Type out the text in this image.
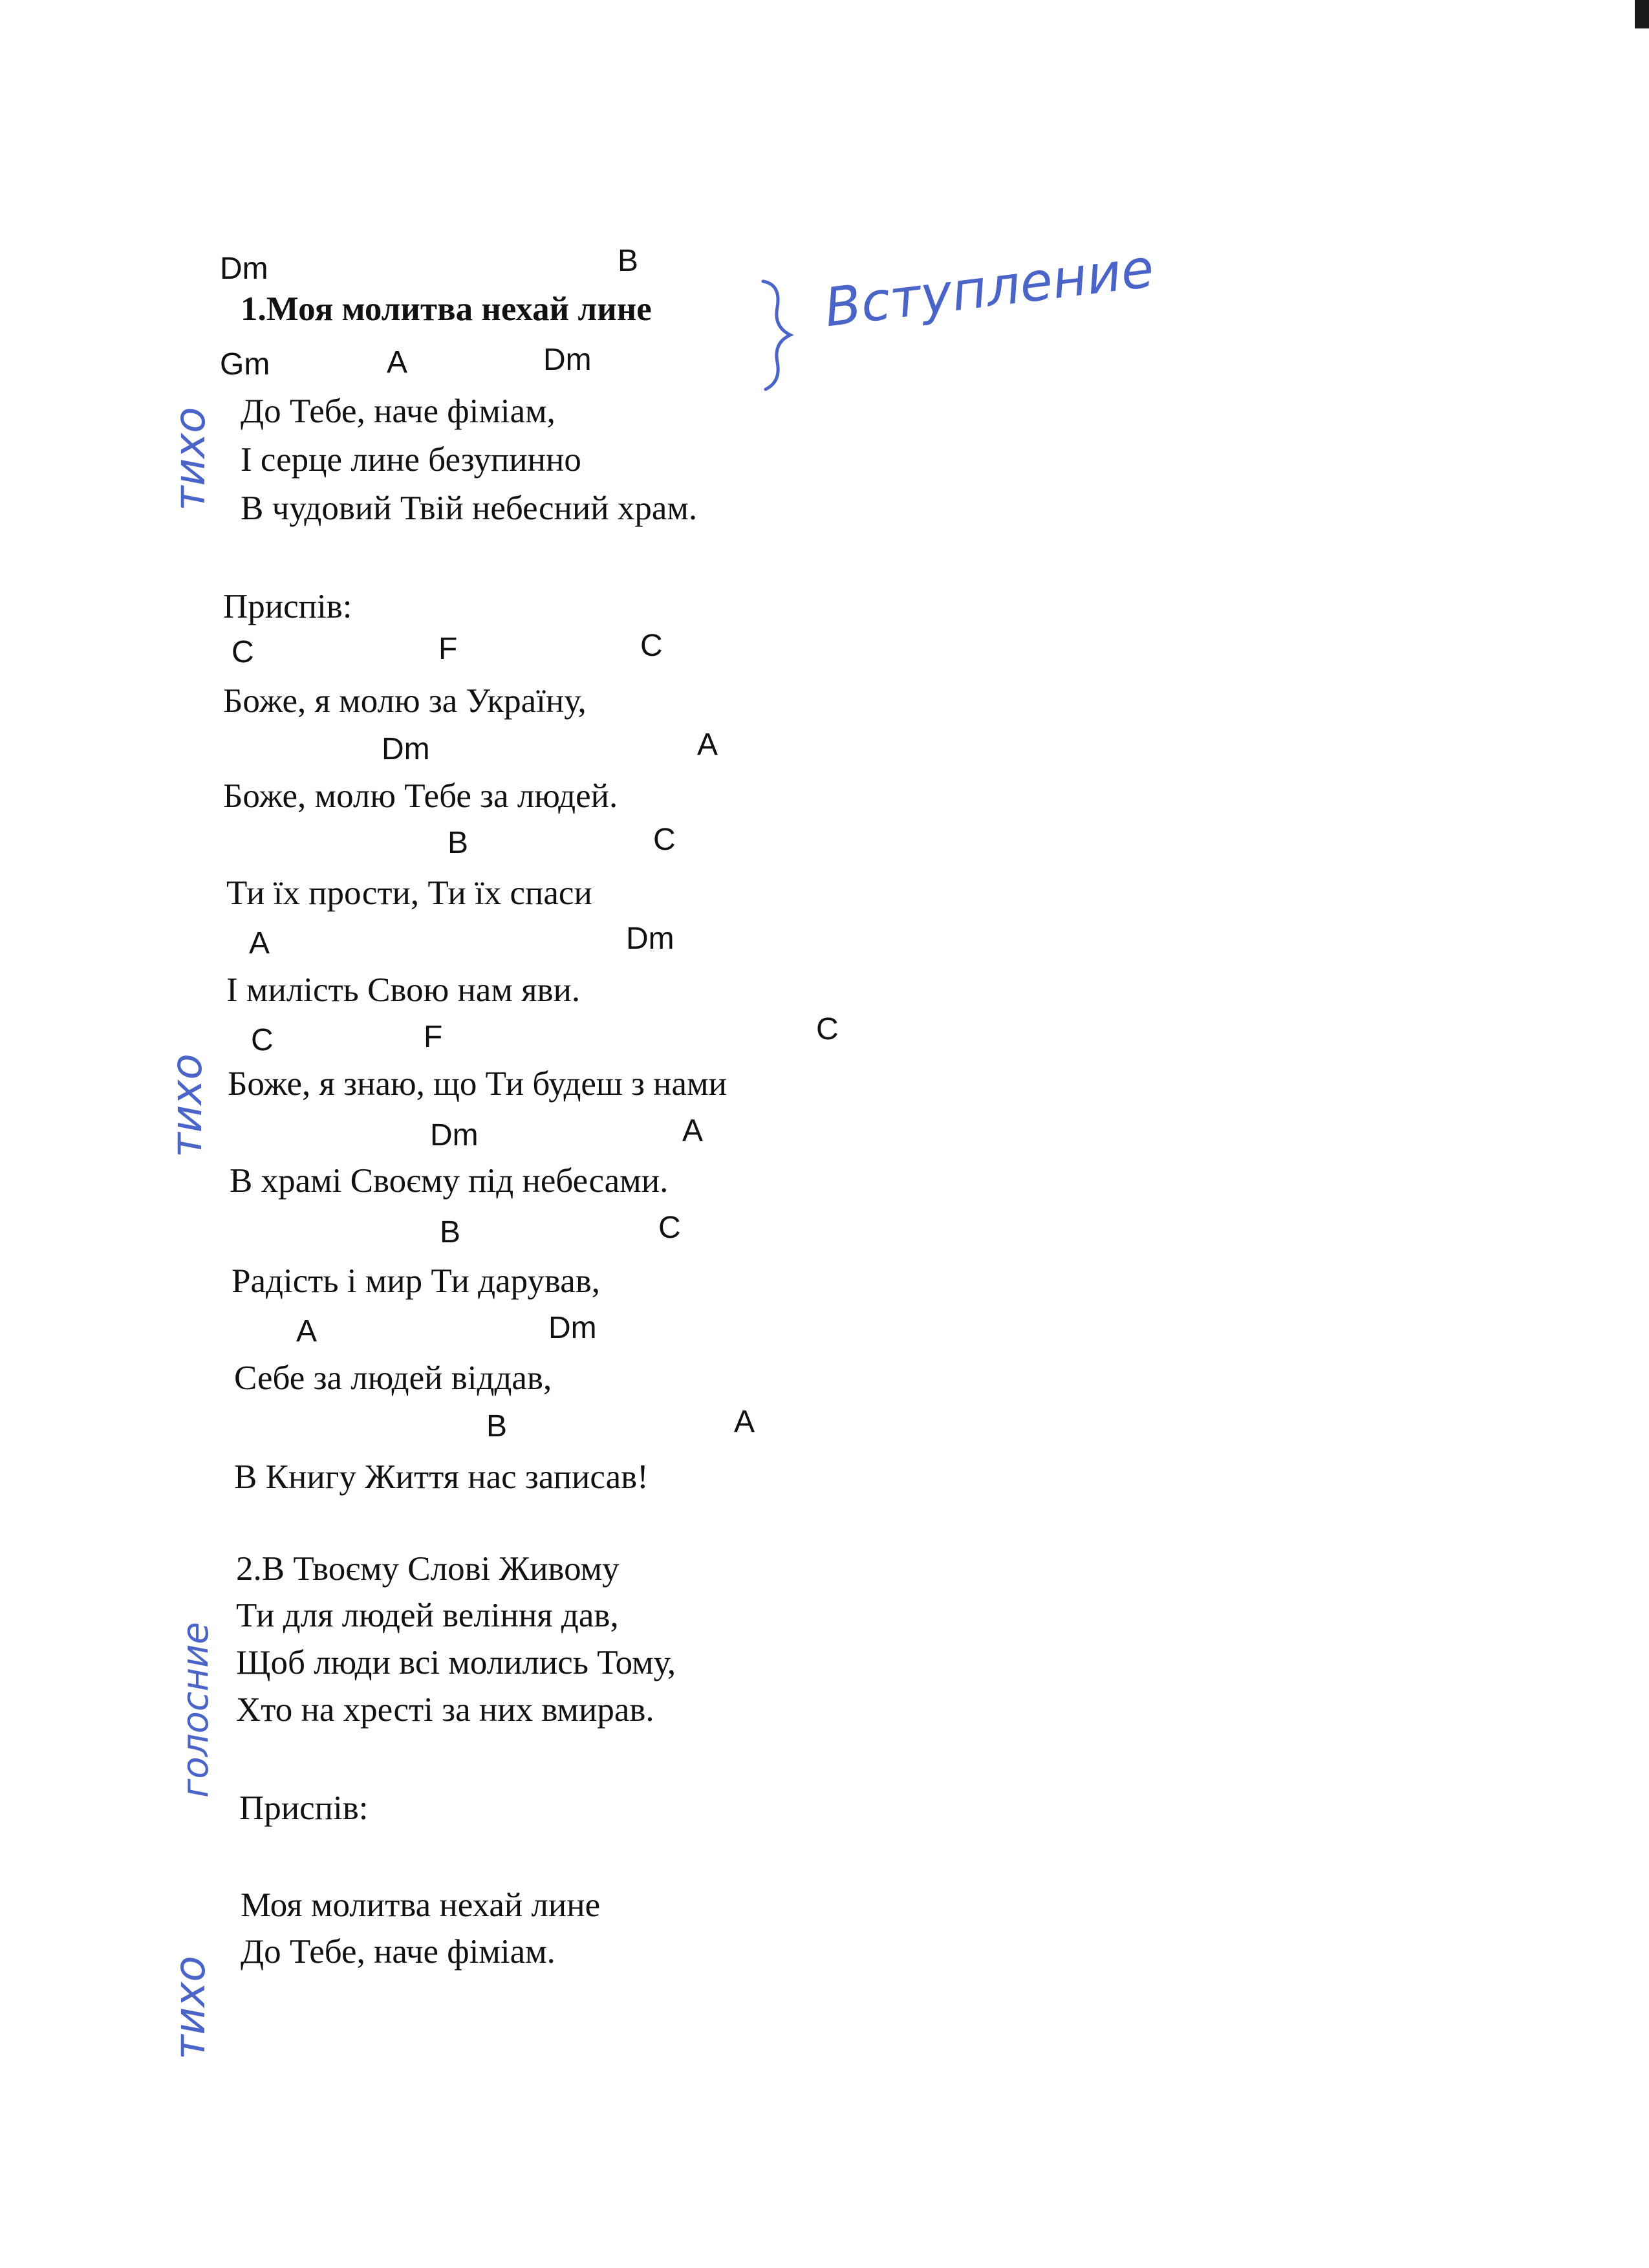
Dm	B
1.Моя молитва нехай лине
Gm	A	Dm
До Тебе, наче фіміам,
І серце лине безупинно
В чудовий Твій небесний храм.
Приспів:
C	F	C
Боже, я молю за Україну,
Dm	A
Боже, молю Тебе за людей.
B	C
Ти їх прости, Ти їх спаси
A	Dm
І милість Свою нам яви.
C	F	C
Боже, я знаю, що Ти будеш з нами
Dm	A
В храмі Своєму під небесами.
B	C
Радість і мир Ти дарував,
A	Dm
Себе за людей віддав,
B	A
В Книгу Життя нас записав!
2.В Твоєму Слові Живому
Ти для людей веління дав,
Щоб люди всі молились Тому,
Хто на хресті за них вмирав.
Приспів:
Моя молитва нехай лине
До Тебе, наче фіміам.
Вступление
тихо
тихо
голосние
тихо
